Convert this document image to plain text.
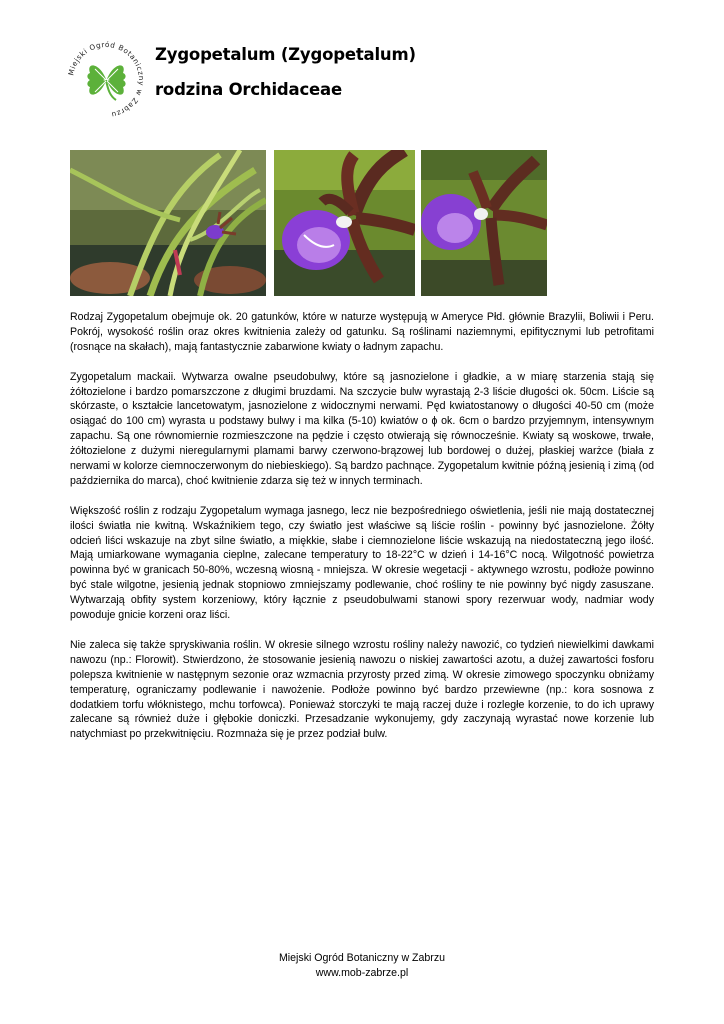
Miejski Ogród Botaniczny w Zabrzu
Zygopetalum (Zygopetalum)
rodzina Orchidaceae

Rodzaj Zygopetalum obejmuje ok. 20 gatunków, które w naturze występują w Ameryce Płd. głównie Brazylii, Boliwii i Peru. Pokrój, wysokość roślin oraz okres kwitnienia zależy od gatunku. Są roślinami naziemnymi, epifitycznymi lub petrofitami (rosnące na skałach), mają fantastycznie zabarwione kwiaty o ładnym zapachu.

Zygopetalum mackaii. Wytwarza owalne pseudobulwy, które są jasnozielone i gładkie, a w miarę starzenia stają się żółtozielone i bardzo pomarszczone z długimi bruzdami. Na szczycie bulw wyrastają 2-3 liście długości ok. 50cm. Liście są skórzaste, o kształcie lancetowatym, jasnozielone z widocznymi nerwami. Pęd kwiatostanowy o długości 40-50 cm (może osiągać do 100 cm) wyrasta u podstawy bulwy i ma kilka (5-10) kwiatów o ɸ ok. 6cm o bardzo przyjemnym, intensywnym zapachu. Są one równomiernie rozmieszczone na pędzie i często otwierają się równocześnie. Kwiaty są woskowe, trwałe, żółtozielone z dużymi nieregularnymi plamami barwy czerwono-brązowej lub bordowej o dużej, płaskiej warżce (biała z nerwami w kolorze ciemnoczerwonym do niebieskiego). Są bardzo pachnące. Zygopetalum kwitnie późną jesienią i zimą (od października do marca), choć kwitnienie zdarza się też w innych terminach.

Większość roślin z rodzaju Zygopetalum wymaga jasnego, lecz nie bezpośredniego oświetlenia, jeśli nie mają dostatecznej ilości światła nie kwitną. Wskaźnikiem tego, czy światło jest właściwe są liście roślin - powinny być jasnozielone. Żółty odcień liści wskazuje na zbyt silne światło, a miękkie, słabe i ciemnozielone liście wskazują na niedostateczną jego ilość. Mają umiarkowane wymagania cieplne, zalecane temperatury to 18-22°C w dzień i 14-16°C nocą. Wilgotność powietrza powinna być w granicach 50-80%, wczesną wiosną - mniejsza. W okresie wegetacji - aktywnego wzrostu, podłoże powinno być stale wilgotne, jesienią jednak stopniowo zmniejszamy podlewanie, choć rośliny te nie powinny być nigdy zasuszane. Wytwarzają obfity system korzeniowy, który łącznie z pseudobulwami stanowi spory rezerwuar wody, nadmiar wody powoduje gnicie korzeni oraz liści.

Nie zaleca się także spryskiwania roślin. W okresie silnego wzrostu rośliny należy nawozić, co tydzień niewielkimi dawkami nawozu (np.: Florowit). Stwierdzono, że stosowanie jesienią nawozu o niskiej zawartości azotu, a dużej zawartości fosforu polepsza kwitnienie w następnym sezonie oraz wzmacnia przyrosty przed zimą. W okresie zimowego spoczynku obniżamy temperaturę, ograniczamy podlewanie i nawożenie. Podłoże powinno być bardzo przewiewne (np.: kora sosnowa z dodatkiem torfu włóknistego, mchu torfowca). Ponieważ storczyki te mają raczej duże i rozległe korzenie, to do ich uprawy zalecane są również duże i głębokie doniczki. Przesadzanie wykonujemy, gdy zaczynają wyrastać nowe korzenie lub natychmiast po przekwitnięciu. Rozmnaża się je przez podział bulw.

Miejski Ogród Botaniczny w Zabrzu
www.mob-zabrze.pl
